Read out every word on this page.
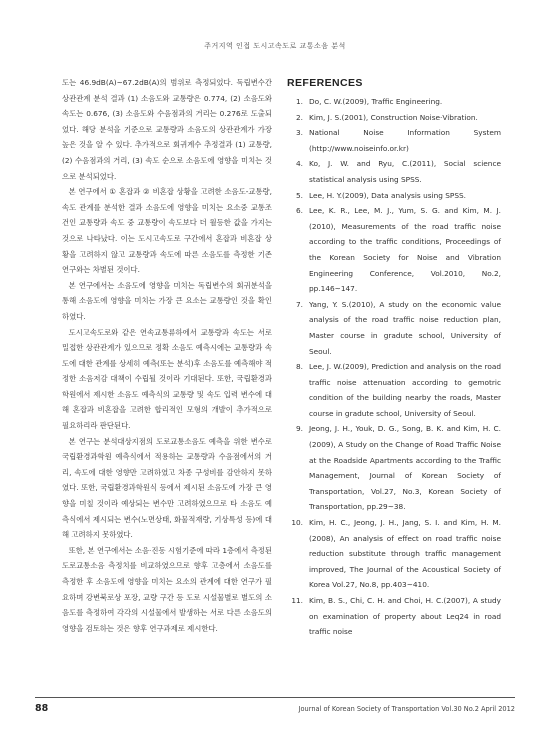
주거지역 인접 도시고속도로 교통소음 분석

도는 46.9dB(A)~67.2dB(A)의 범위로 측정되었다. 독립변수간 상관관계 분석 결과 (1) 소음도와 교통량은 0.774, (2) 소음도와 속도는 0.676, (3) 소음도와 수음점과의 거리는 0.276로 도출되었다. 해당 분석을 기준으로 교통량과 소음도의 상관관계가 가장 높은 것을 알 수 있다. 추가적으로 회귀계수 추정결과 (1) 교통량, (2) 수음점과의 거리, (3) 속도 순으로 소음도에 영향을 미치는 것으로 분석되었다.

본 연구에서 ① 혼잡과 ② 비혼잡 상황을 고려한 소음도-교통량, 속도 관계를 분석한 결과 소음도에 영향을 미치는 요소중 교통조건인 교통량과 속도 중 교통량이 속도보다 더 월등한 값을 가지는 것으로 나타났다. 이는 도시고속도로 구간에서 혼잡과 비혼잡 상황을 고려하지 않고 교통량과 속도에 따른 소음도를 측정한 기존 연구와는 차별된 것이다.

본 연구에서는 소음도에 영향을 미치는 독립변수의 회귀분석을 통해 소음도에 영향을 미치는 가장 큰 요소는 교통량인 것을 확인하였다.

도시고속도로와 같은 연속교통류하에서 교통량과 속도는 서로 밀접한 상관관계가 있으므로 정확 소음도 예측시에는 교통량과 속도에 대한 관계를 상세히 예측(또는 분석)후 소음도를 예측해야 적정한 소음저감 대책이 수립될 것이라 기대된다. 또한, 국립환경과학원에서 제시한 소음도 예측식의 교통량 및 속도 입력 변수에 대해 혼잡과 비혼잡을 고려한 합리적인 모형의 개발이 추가적으로 필요하리라 판단된다.

본 연구는 분석대상지점의 도로교통소음도 예측을 위한 변수로 국립환경과학원 예측식에서 적용하는 교통량과 수음점에서의 거리, 속도에 대한 영향만 고려하였고 차종 구성비를 감안하지 못하였다. 또한, 국립환경과학원식 등에서 제시된 소음도에 가장 큰 영향을 미칠 것이라 예상되는 변수만 고려하였으므로 타 소음도 예측식에서 제시되는 변수(노면상태, 화물적재량, 기상특성 등)에 대해 고려하지 못하였다.

또한, 본 연구에서는 소음·진동 시험기준에 따라 1층에서 측정된 도로교통소음 측정치를 비교하였으므로 향후 고층에서 소음도를 측정한 후 소음도에 영향을 미치는 요소의 관계에 대한 연구가 필요하며 강변북로상 포장, 교량 구간 등 도로 시설물별로 별도의 소음도를 측정하여 각각의 시설물에서 발생하는 서로 다른 소음도의 영향을 검토하는 것은 향후 연구과제로 제시한다.

REFERENCES
1. Do, C. W.(2009), Traffic Engineering.
2. Kim, J. S.(2001), Construction Noise·Vibration.
3. National Noise Information System (http://www.noiseinfo.or.kr)
4. Ko, J. W. and Ryu, C.(2011), Social science statistical analysis using SPSS.
5. Lee, H. Y.(2009), Data analysis using SPSS.
6. Lee, K. R., Lee, M. J., Yum, S. G. and Kim, M. J.(2010), Measurements of the road traffic noise according to the traffic conditions, Proceedings of the Korean Society for Noise and Vibration Engineering Conference, Vol.2010, No.2, pp.146~147.
7. Yang, Y. S.(2010), A study on the economic value analysis of the road traffic noise reduction plan, Master course in gradute school, University of Seoul.
8. Lee, J. W.(2009), Prediction and analysis on the road traffic noise attenuation according to gemotric condition of the building nearby the roads, Master course in gradute school, University of Seoul.
9. Jeong, J. H., Youk, D. G., Song, B. K. and Kim, H. C.(2009), A Study on the Change of Road Traffic Noise at the Roadside Apartments according to the Traffic Management, Journal of Korean Society of Transportation, Vol.27, No.3, Korean Society of Transportation, pp.29~38.
10. Kim, H. C., Jeong, J. H., Jang, S. I. and Kim, H. M.(2008), An analysis of effect on road traffic noise reduction substitute through traffic management improved, The Journal of the Acoustical Society of Korea Vol.27, No.8, pp.403~410.
11. Kim, B. S., Chi, C. H. and Choi, H. C.(2007), A study on examination of property about Leq24 in road traffic noise
88	Journal of Korean Society of Transportation Vol.30 No.2 April 2012
